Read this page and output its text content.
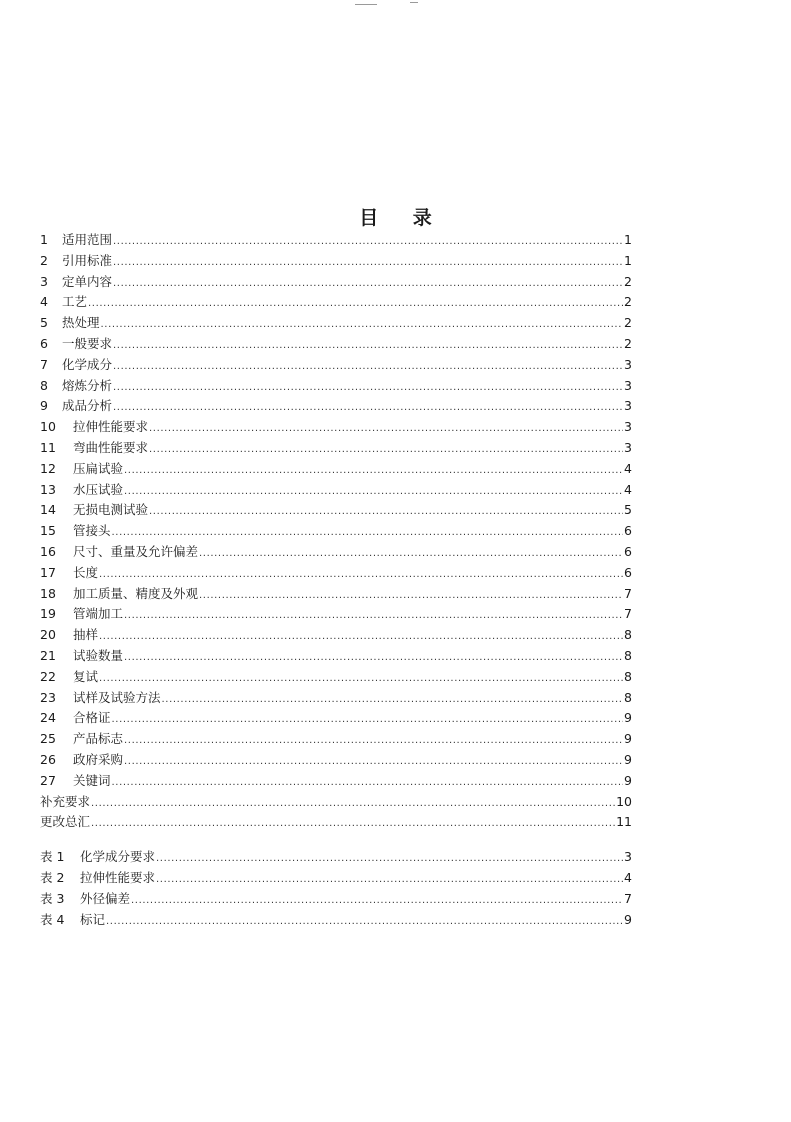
目 录
1	适用范围 .....	1
2	引用标准 .....	1
3	定单内容 .....	2
4	工艺 .....	2
5	热处理 .....	2
6	一般要求 .....	2
7	化学成分 .....	3
8	熔炼分析 .....	3
9	成品分析 .....	3
10	拉伸性能要求 .....	3
11	弯曲性能要求 .....	3
12	压扁试验 .....	4
13	水压试验 .....	4
14	无损电测试验 .....	5
15	管接头 .....	6
16	尺寸、重量及允许偏差 .....	6
17	长度 .....	6
18	加工质量、精度及外观 .....	7
19	管端加工 .....	7
20	抽样 .....	8
21	试验数量 .....	8
22	复试 .....	8
23	试样及试验方法 .....	8
24	合格证 .....	9
25	产品标志 .....	9
26	政府采购 .....	9
27	关键词 .....	9
补充要求 .....	10
更改总汇 .....	11
表 1	化学成分要求 .....	3
表 2	拉伸性能要求 .....	4
表 3	外径偏差 .....	7
表 4	标记 .....	9
